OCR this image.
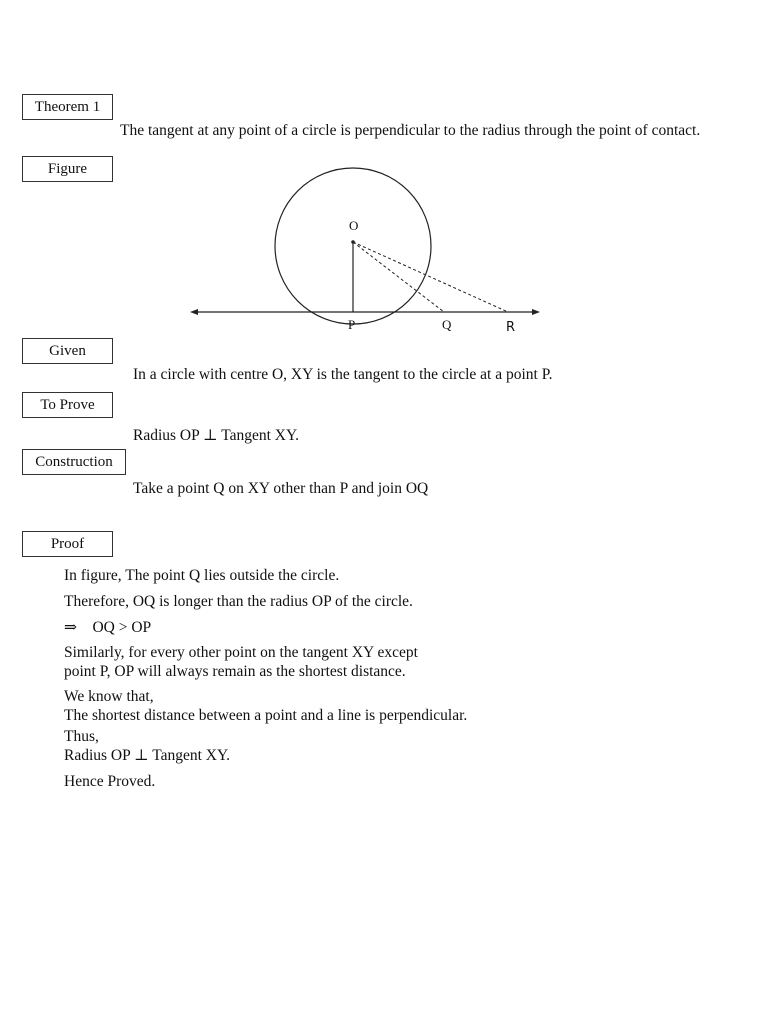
Theorem 1
The tangent at any point of a circle is perpendicular to the radius through the point of contact.
Figure
O
P	Q	R
Given
In a circle with centre O, XY is the tangent to the circle at a point P.
To Prove
Radius OP ⊥ Tangent XY.
Construction
Take a point Q on XY other than P and join OQ
Proof
In figure, The point Q lies outside the circle.
Therefore, OQ is longer than the radius OP of the circle.
⇒    OQ > OP
Similarly, for every other point on the tangent XY except
point P, OP will always remain as the shortest distance.
We know that,
The shortest distance between a point and a line is perpendicular.
Thus,
Radius OP ⊥ Tangent XY.
Hence Proved.
